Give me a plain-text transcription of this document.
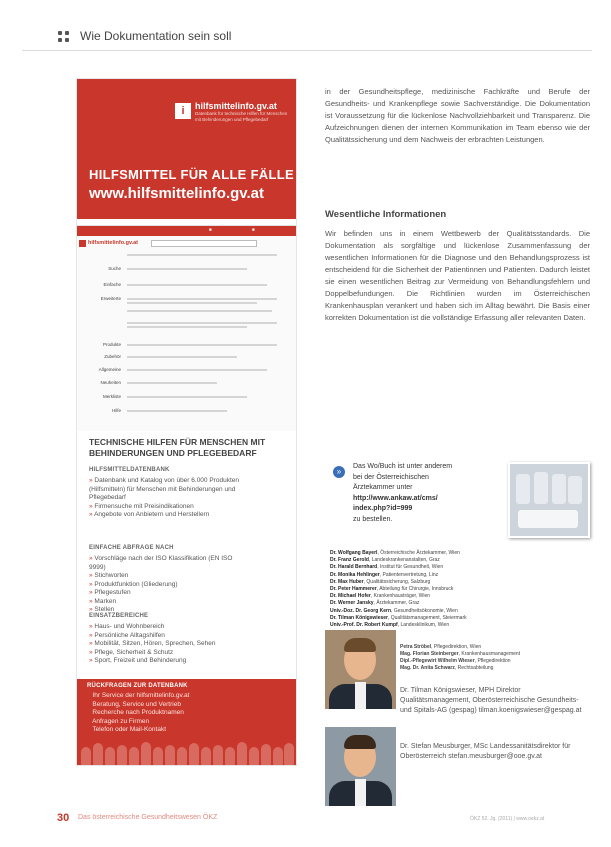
Wie Dokumentation sein soll
i	hilfsmittelinfo.gv.at
Datenbank für technische Hilfen für Menschen mit Behinderungen und Pflegebedarf
HILFSMITTEL FÜR ALLE FÄLLE
www.hilfsmittelinfo.gv.at
■	■
hilfsmittelinfo.gv.at
Suche
Einfache
Erweiterte
Produkte
Zubehör
Allgemeine
Neuheiten
Merkliste
Hilfe
TECHNISCHE HILFEN FÜR MENSCHEN MIT BEHINDERUNGEN UND PFLEGEBEDARF
HILFSMITTELDATENBANK
» Datenbank und Katalog von über 6.000 Produkten (Hilfsmitteln) für Menschen mit Behinderungen und Pflegebedarf
» Firmensuche mit Preisindikationen
» Angebote von Anbietern und Herstellern
EINFACHE ABFRAGE NACH
» Vorschläge nach der ISO Klassifikation (EN ISO 9999)
» Stichworten
» Produktfunktion (Gliederung)
» Pflegestufen
» Marken
» Stellen
EINSATZBEREICHE
» Haus- und Wohnbereich
» Persönliche Alltagshilfen
» Mobilität, Sitzen, Hören, Sprechen, Sehen
» Pflege, Sicherheit & Schutz
» Sport, Freizeit und Behinderung
RÜCKFRAGEN ZUR DATENBANK
» Ihr Service der hilfsmittelinfo.gv.at
» Beratung, Service und Vertrieb
» Recherche nach Produktnamen
» Anfragen zu Firmen
» Telefon oder Mail-Kontakt
in der Gesundheitspflege, medizinische Fachkräfte und Berufe der Gesundheits- und Krankenpflege sowie Sachverständige. Die Dokumentation ist Voraussetzung für die lückenlose Nachvollziehbarkeit und Transparenz. Die Aufzeichnungen dienen der internen Kommunikation im Team ebenso wie der Qualitätssicherung und dem Nachweis der erbrachten Leistungen.
Wesentliche Informationen
Wir befinden uns in einem Wettbewerb der Qualitätsstandards. Die Dokumentation als sorgfältige und lückenlose Zusammenfassung der wesentlichen Informationen für die Diagnose und den Behandlungsprozess ist entscheidend für die Sicherheit der Patientinnen und Patienten. Dadurch leistet sie einen wesentlichen Beitrag zur Vermeidung von Behandlungsfehlern und Doppelbefundungen. Die Richtlinien wurden im Österreichischen Krankenhausplan verankert und haben sich im Alltag bewährt. Die Basis einer korrekten Dokumentation ist die vollständige Erfassung aller relevanten Daten.
»
Das Wo/Buch ist unter anderem
bei der Österreichischen
Ärztekammer unter
http://www.ankaw.at/cms/
index.php?id=999
zu bestellen.
Dr. Wolfgang Bayerl, Österreichische Ärztekammer, Wien
Dr. Franz Gerold, Landeskrankenanstalten, Graz
Dr. Harald Bernhard, Institut für Gesundheit, Wien
Dr. Monika Hehlinger, Patientenvertretung, Linz
Dr. Max Huber, Qualitätssicherung, Salzburg
Dr. Peter Hammerer, Abteilung für Chirurgie, Innsbruck
Dr. Michael Hofer, Krankenhausträger, Wien
Dr. Werner Jansky, Ärztekammer, Graz
Univ.-Doz. Dr. Georg Kern, Gesundheitsökonomie, Wien
Dr. Tilman Königswieser, Qualitätsmanagement, Steiermark
Univ.-Prof. Dr. Robert Kumpf, Landesklinikum, Wien
Petra Ströbel, Pflegedirektion, Wien
Mag. Florian Steinberger, Krankenhausmanagement
Dipl.-Pflegewirt Wilhelm Wieser, Pflegedirektion
Mag. Dr. Anita Schwarz, Rechtsabteilung
Dr. Tilman Königswieser, MPH Direktor Qualitätsmanagement, Oberösterreichische Gesundheits- und Spitals-AG (gespag) tilman.koenigswieser@gespag.at
Dr. Stefan Meusburger, MSc Landessanitätsdirektor für Oberösterreich stefan.meusburger@ooe.gv.at
30 Das österreichische Gesundheitswesen ÖKZ	ÖKZ 52. Jg. (2011) | www.oekz.at
